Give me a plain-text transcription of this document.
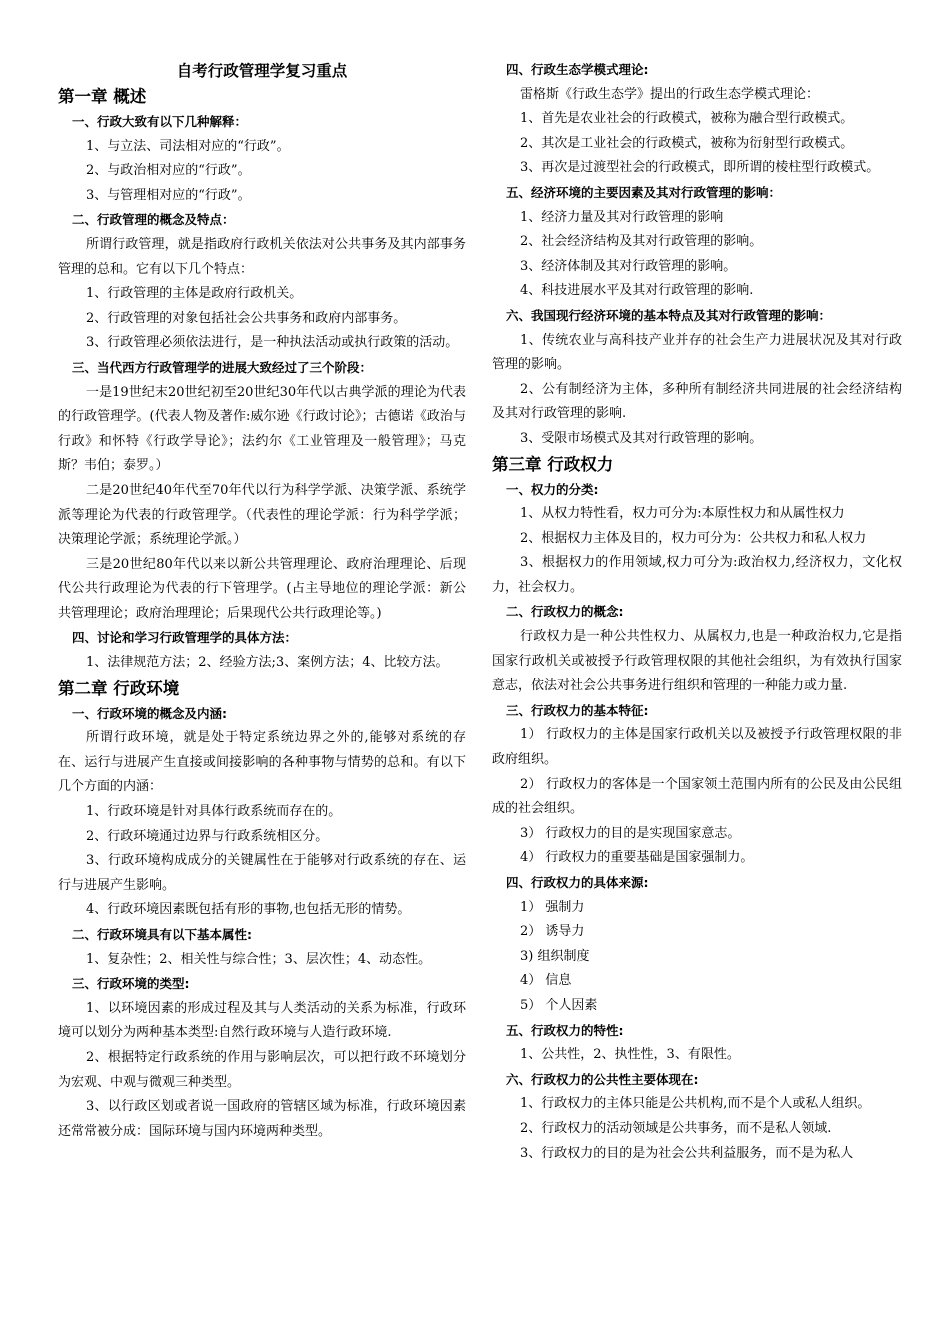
自考行政管理学复习重点

第一章 概述

一、行政大致有以下几种解释：

1、与立法、司法相对应的“行政”。

2、与政治相对应的“行政”。

3、与管理相对应的“行政”。

二、行政管理的概念及特点：

所谓行政管理，就是指政府行政机关依法对公共事务及其内部事务管理的总和。它有以下几个特点：

1、行政管理的主体是政府行政机关。

2、行政管理的对象包括社会公共事务和政府内部事务。

3、行政管理必须依法进行，是一种执法活动或执行政策的活动。

三、当代西方行政管理学的进展大致经过了三个阶段：

一是19世纪末20世纪初至20世纪30年代以古典学派的理论为代表的行政管理学。(代表人物及著作:威尔逊《行政讨论》；古德诺《政治与行政》和怀特《行政学导论》；法约尔《工业管理及一般管理》；马克斯？韦伯；泰罗。）

二是20世纪40年代至70年代以行为科学学派、决策学派、系统学派等理论为代表的行政管理学。（代表性的理论学派：行为科学学派；决策理论学派；系统理论学派。）

三是20世纪80年代以来以新公共管理理论、政府治理理论、后现代公共行政理论为代表的行下管理学。(占主导地位的理论学派：新公共管理理论；政府治理理论；后果现代公共行政理论等。)

四、讨论和学习行政管理学的具体方法：

1、法律规范方法；2、经验方法;3、案例方法；4、比较方法。

第二章 行政环境

一、行政环境的概念及内涵:

所谓行政环境，就是处于特定系统边界之外的,能够对系统的存在、运行与进展产生直接或间接影响的各种事物与情势的总和。有以下几个方面的内涵：

1、行政环境是针对具体行政系统而存在的。

2、行政环境通过边界与行政系统相区分。

3、行政环境构成成分的关键属性在于能够对行政系统的存在、运行与进展产生影响。

4、行政环境因素既包括有形的事物,也包括无形的情势。

二、行政环境具有以下基本属性:

1、复杂性；2、相关性与综合性；3、层次性；4、动态性。

三、行政环境的类型:

1、以环境因素的形成过程及其与人类活动的关系为标准，行政环境可以划分为两种基本类型:自然行政环境与人造行政环境.

2、根据特定行政系统的作用与影响层次，可以把行政不环境划分为宏观、中观与微观三种类型。

3、以行政区划或者说一国政府的管辖区域为标准，行政环境因素还常常被分成：国际环境与国内环境两种类型。

四、行政生态学模式理论:

雷格斯《行政生态学》提出的行政生态学模式理论：

1、首先是农业社会的行政模式，被称为融合型行政模式。

2、其次是工业社会的行政模式，被称为衍射型行政模式。

3、再次是过渡型社会的行政模式，即所谓的棱柱型行政模式。

五、经济环境的主要因素及其对行政管理的影响：

1、经济力量及其对行政管理的影响

2、社会经济结构及其对行政管理的影响。

3、经济体制及其对行政管理的影响。

4、科技进展水平及其对行政管理的影响.

六、我国现行经济环境的基本特点及其对行政管理的影响：

1、传统农业与高科技产业并存的社会生产力进展状况及其对行政管理的影响。

2、公有制经济为主体，多种所有制经济共同进展的社会经济结构及其对行政管理的影响.

3、受限市场模式及其对行政管理的影响。

第三章 行政权力

一、权力的分类:

1、从权力特性看，权力可分为:本原性权力和从属性权力

2、根据权力主体及目的，权力可分为：公共权力和私人权力

3、根据权力的作用领域,权力可分为:政治权力,经济权力，文化权力，社会权力。

二、行政权力的概念:

行政权力是一种公共性权力、从属权力,也是一种政治权力,它是指国家行政机关或被授予行政管理权限的其他社会组织，为有效执行国家意志，依法对社会公共事务进行组织和管理的一种能力或力量.

三、行政权力的基本特征:

1） 行政权力的主体是国家行政机关以及被授予行政管理权限的非政府组织。

2） 行政权力的客体是一个国家领土范围内所有的公民及由公民组成的社会组织。

3） 行政权力的目的是实现国家意志。

4） 行政权力的重要基础是国家强制力。

四、行政权力的具体来源:

1） 强制力

2） 诱导力

3) 组织制度

4） 信息

5） 个人因素

五、行政权力的特性:

1、公共性，2、执性性，3、有限性。

六、行政权力的公共性主要体现在:

1、行政权力的主体只能是公共机构,而不是个人或私人组织。

2、行政权力的活动领域是公共事务，而不是私人领域.

3、行政权力的目的是为社会公共利益服务，而不是为私人
